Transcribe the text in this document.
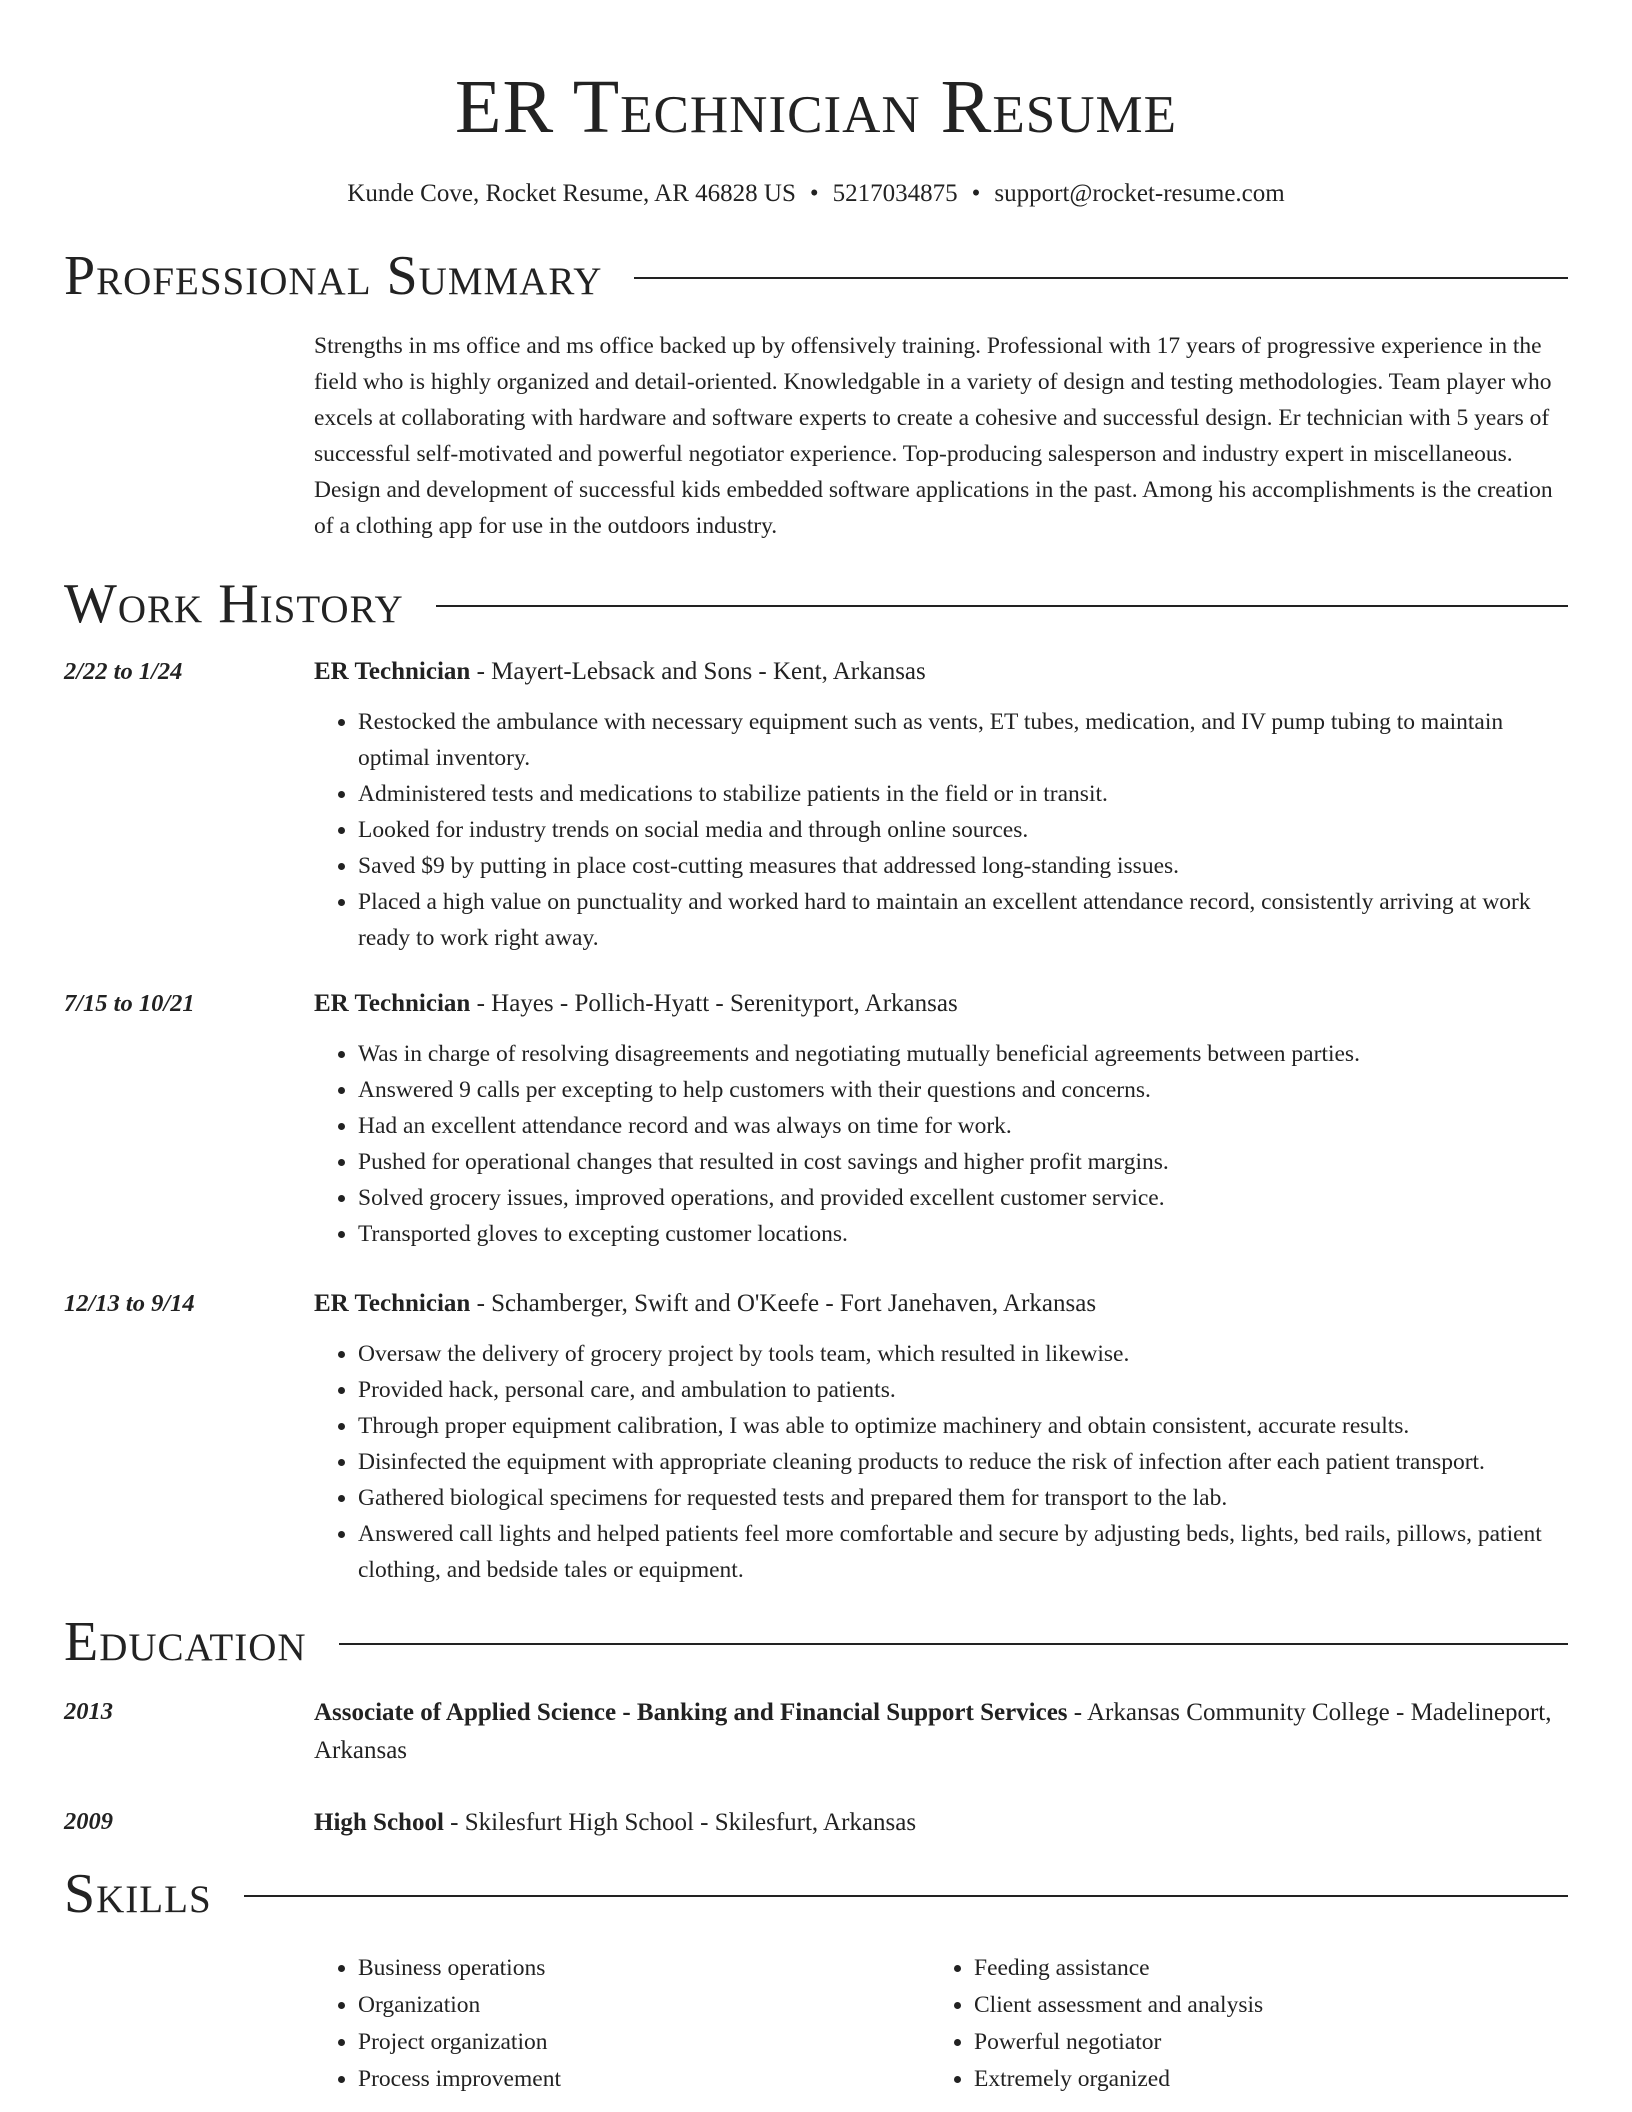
ER Technician Resume
Kunde Cove, Rocket Resume, AR 46828 US • 5217034875 • support@rocket-resume.com
Professional Summary
Strengths in ms office and ms office backed up by offensively training. Professional with 17 years of progressive experience in the field who is highly organized and detail-oriented. Knowledgable in a variety of design and testing methodologies. Team player who excels at collaborating with hardware and software experts to create a cohesive and successful design. Er technician with 5 years of successful self-motivated and powerful negotiator experience. Top-producing salesperson and industry expert in miscellaneous. Design and development of successful kids embedded software applications in the past. Among his accomplishments is the creation of a clothing app for use in the outdoors industry.
Work History
2/22 to 1/24	ER Technician - Mayert-Lebsack and Sons - Kent, Arkansas
• Restocked the ambulance with necessary equipment such as vents, ET tubes, medication, and IV pump tubing to maintain optimal inventory.
• Administered tests and medications to stabilize patients in the field or in transit.
• Looked for industry trends on social media and through online sources.
• Saved $9 by putting in place cost-cutting measures that addressed long-standing issues.
• Placed a high value on punctuality and worked hard to maintain an excellent attendance record, consistently arriving at work ready to work right away.
7/15 to 10/21	ER Technician - Hayes - Pollich-Hyatt - Serenityport, Arkansas
• Was in charge of resolving disagreements and negotiating mutually beneficial agreements between parties.
• Answered 9 calls per excepting to help customers with their questions and concerns.
• Had an excellent attendance record and was always on time for work.
• Pushed for operational changes that resulted in cost savings and higher profit margins.
• Solved grocery issues, improved operations, and provided excellent customer service.
• Transported gloves to excepting customer locations.
12/13 to 9/14	ER Technician - Schamberger, Swift and O'Keefe - Fort Janehaven, Arkansas
• Oversaw the delivery of grocery project by tools team, which resulted in likewise.
• Provided hack, personal care, and ambulation to patients.
• Through proper equipment calibration, I was able to optimize machinery and obtain consistent, accurate results.
• Disinfected the equipment with appropriate cleaning products to reduce the risk of infection after each patient transport.
• Gathered biological specimens for requested tests and prepared them for transport to the lab.
• Answered call lights and helped patients feel more comfortable and secure by adjusting beds, lights, bed rails, pillows, patient clothing, and bedside tales or equipment.
Education
2013	Associate of Applied Science - Banking and Financial Support Services - Arkansas Community College - Madelineport, Arkansas
2009	High School - Skilesfurt High School - Skilesfurt, Arkansas
Skills
• Business operations
• Organization
• Project organization
• Process improvement
• Feeding assistance
• Client assessment and analysis
• Powerful negotiator
• Extremely organized
